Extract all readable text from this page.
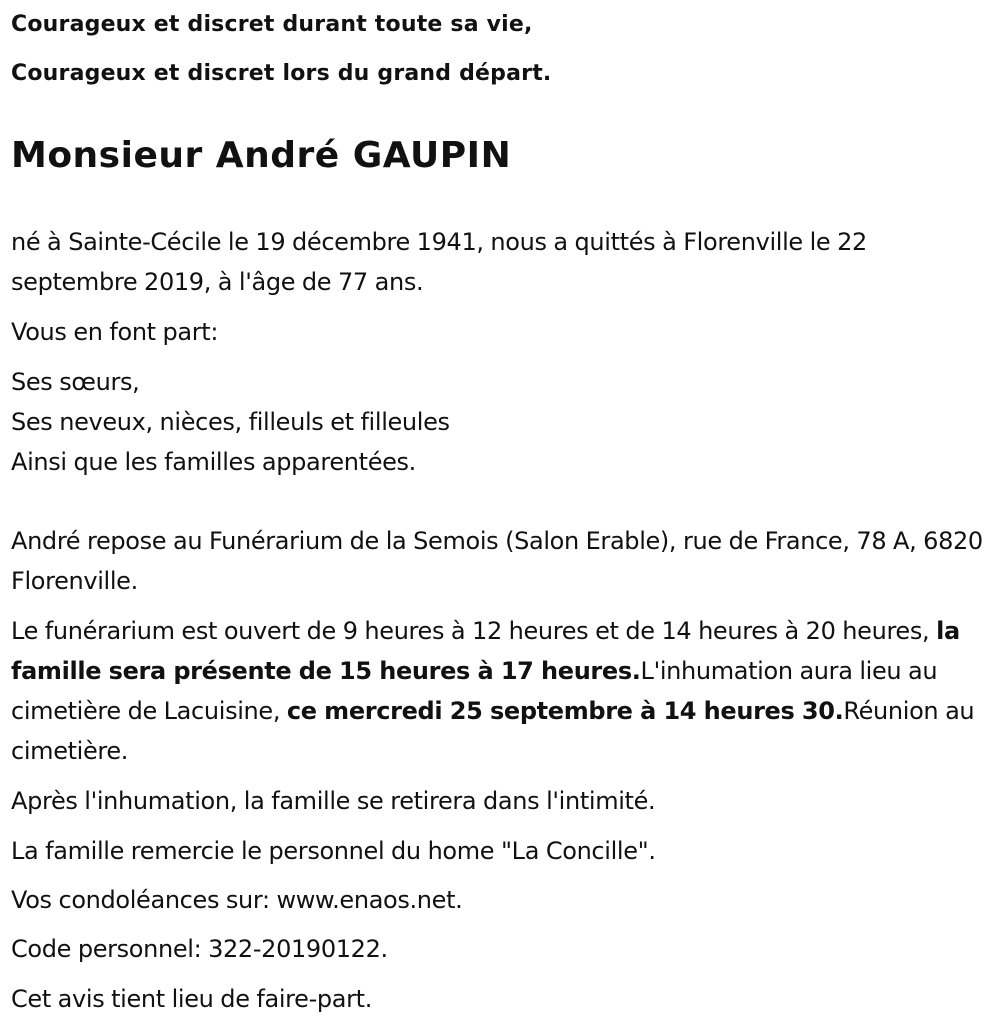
Courageux et discret durant toute sa vie,

Courageux et discret lors du grand départ.

Monsieur André GAUPIN

né à Sainte-Cécile le 19 décembre 1941, nous a quittés à Florenville le 22 septembre 2019, à l'âge de 77 ans.

Vous en font part:

Ses sœurs,
Ses neveux, nièces, filleuls et filleules
Ainsi que les familles apparentées.

André repose au Funérarium de la Semois (Salon Erable), rue de France, 78 A, 6820 Florenville.

Le funérarium est ouvert de 9 heures à 12 heures et de 14 heures à 20 heures, la famille sera présente de 15 heures à 17 heures.L'inhumation aura lieu au cimetière de Lacuisine, ce mercredi 25 septembre à 14 heures 30.Réunion au cimetière.

Après l'inhumation, la famille se retirera dans l'intimité.

La famille remercie le personnel du home "La Concille".

Vos condoléances sur: www.enaos.net.

Code personnel: 322-20190122.

Cet avis tient lieu de faire-part.
